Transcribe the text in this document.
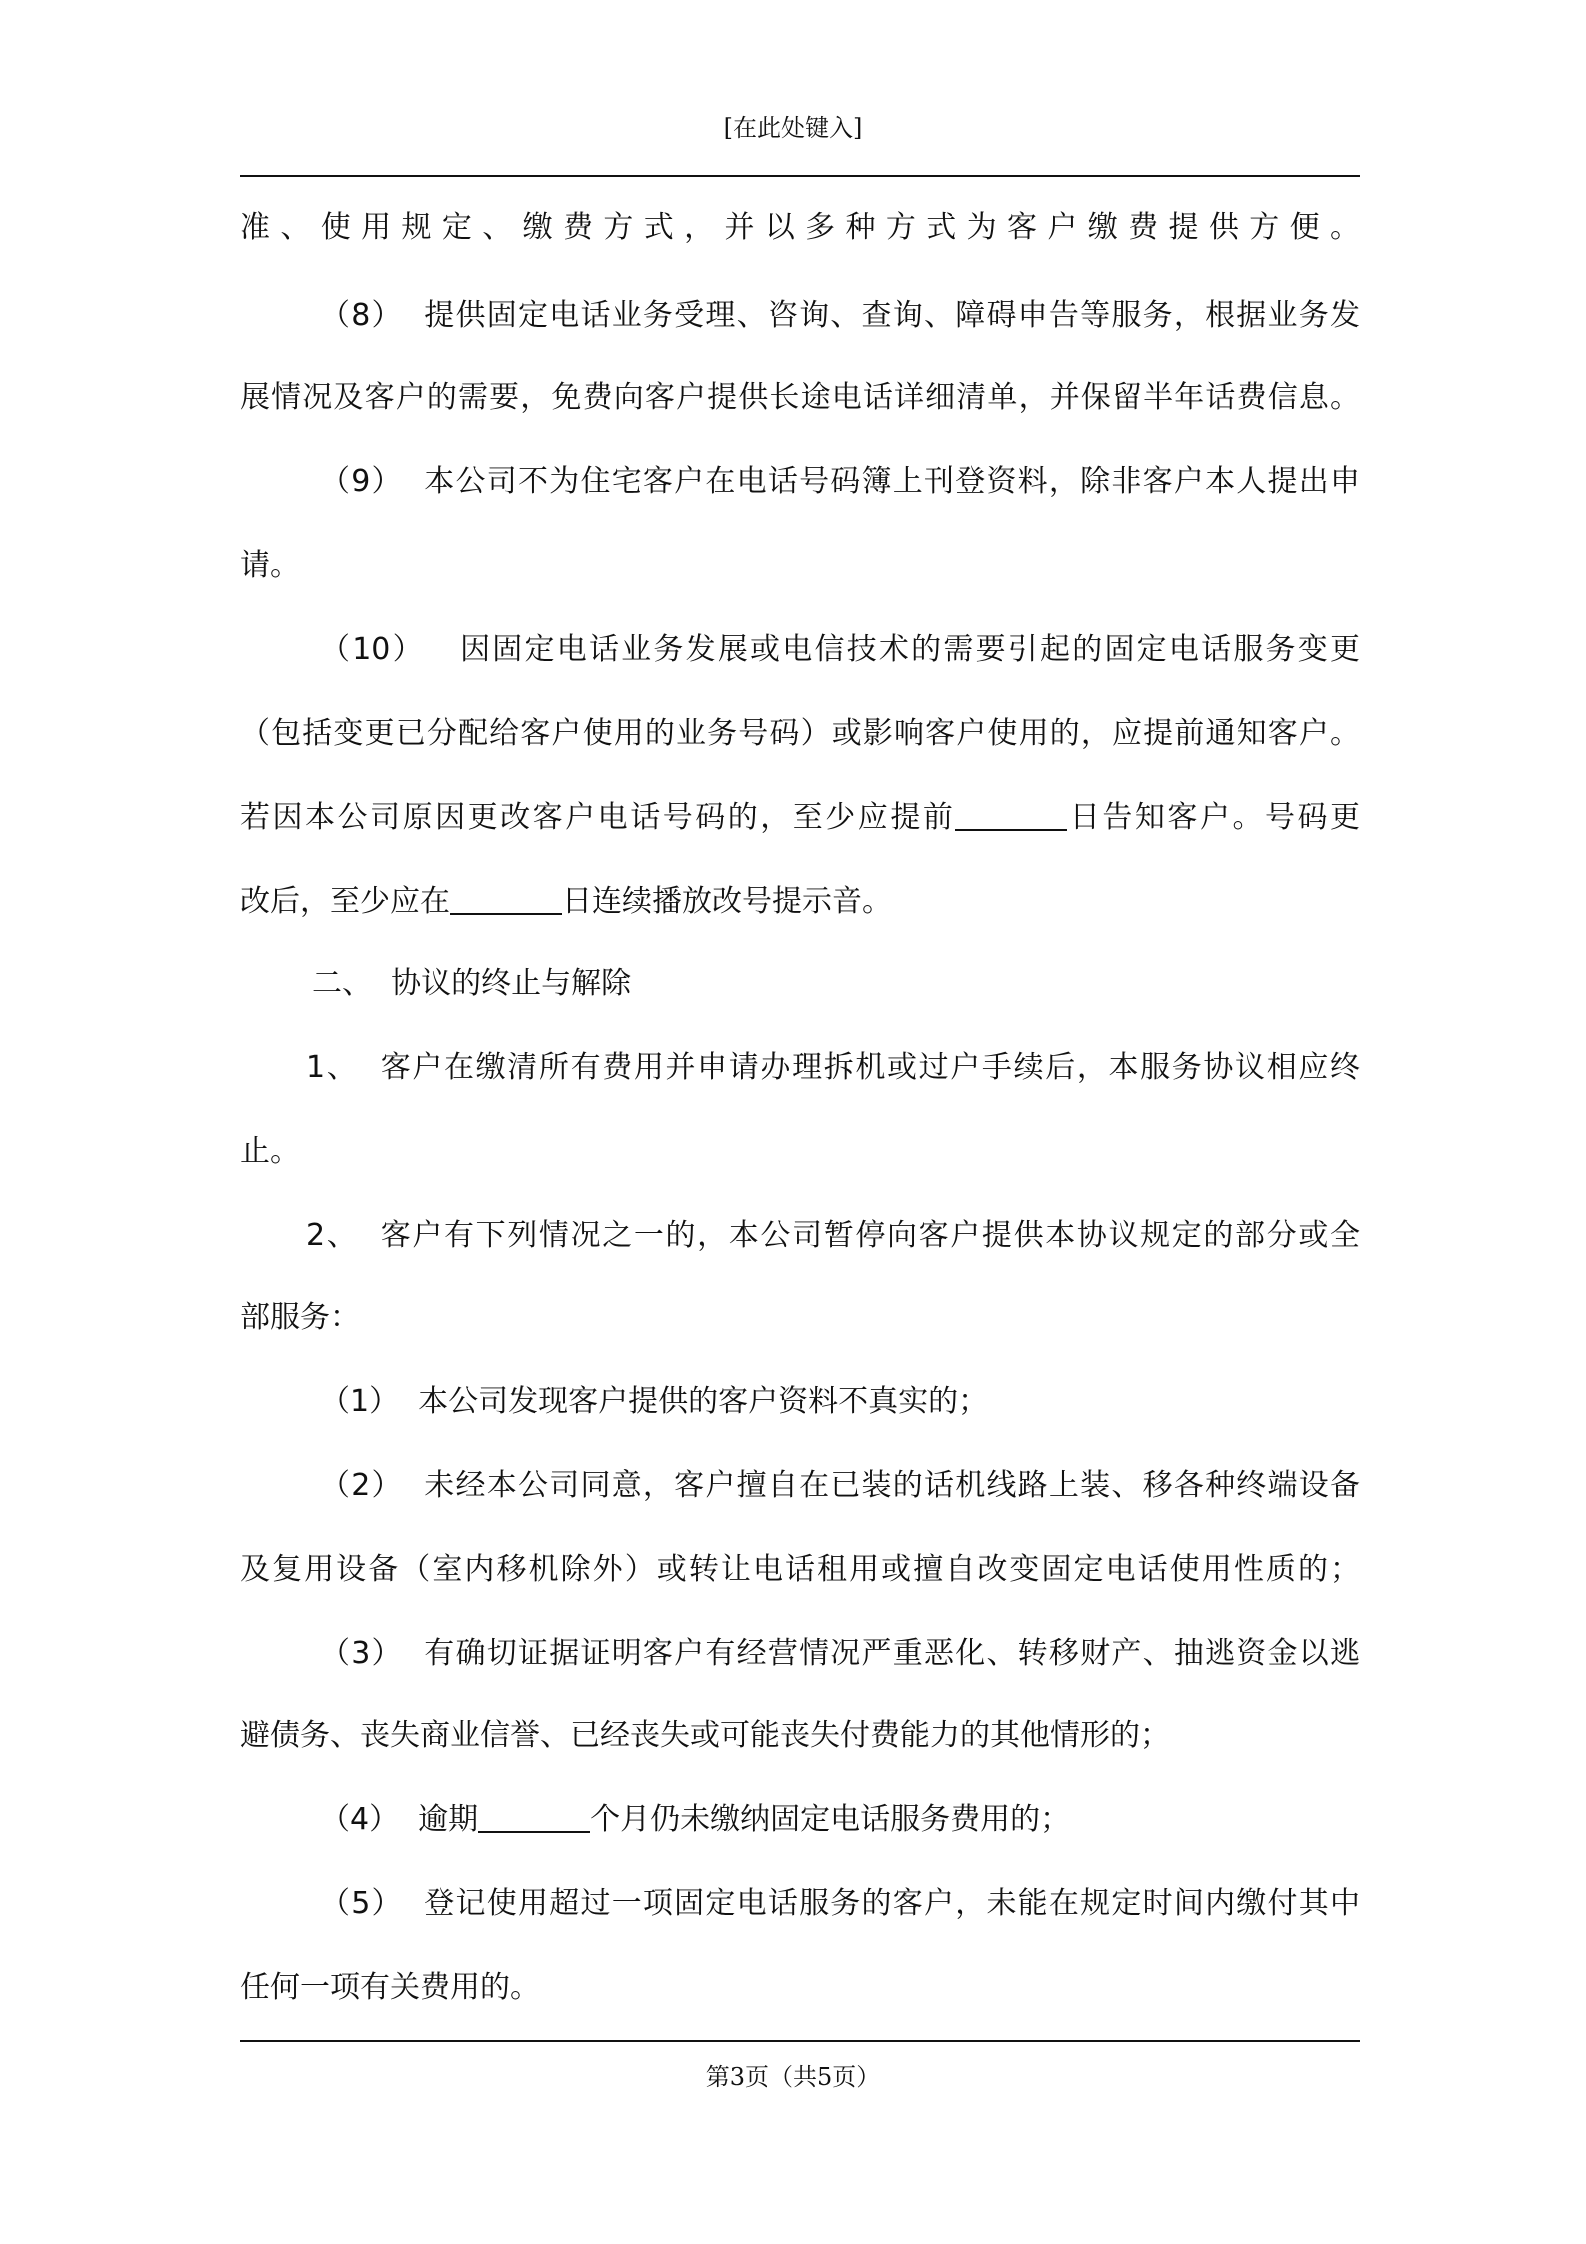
[在此处键入]
准、使用规定、缴费方式，并以多种方式为客户缴费提供方便。
（8）  提供固定电话业务受理、咨询、查询、障碍申告等服务，根据业务发
展情况及客户的需要，免费向客户提供长途电话详细清单，并保留半年话费信息。
（9）  本公司不为住宅客户在电话号码簿上刊登资料，除非客户本人提出申
请。
（10）   因固定电话业务发展或电信技术的需要引起的固定电话服务变更
（包括变更已分配给客户使用的业务号码）或影响客户使用的，应提前通知客户。
若因本公司原因更改客户电话号码的，至少应提前	日告知客户。号码更
改后，至少应在	日连续播放改号提示音。
二、  协议的终止与解除
1、  客户在缴清所有费用并申请办理拆机或过户手续后，本服务协议相应终
止。
2、  客户有下列情况之一的，本公司暂停向客户提供本协议规定的部分或全
部服务：
（1）  本公司发现客户提供的客户资料不真实的；
（2）  未经本公司同意，客户擅自在已装的话机线路上装、移各种终端设备
及复用设备（室内移机除外）或转让电话租用或擅自改变固定电话使用性质的；
（3）  有确切证据证明客户有经营情况严重恶化、转移财产、抽逃资金以逃
避债务、丧失商业信誉、已经丧失或可能丧失付费能力的其他情形的；
（4）  逾期	个月仍未缴纳固定电话服务费用的；
（5）  登记使用超过一项固定电话服务的客户，未能在规定时间内缴付其中
任何一项有关费用的。
第3页（共5页）
